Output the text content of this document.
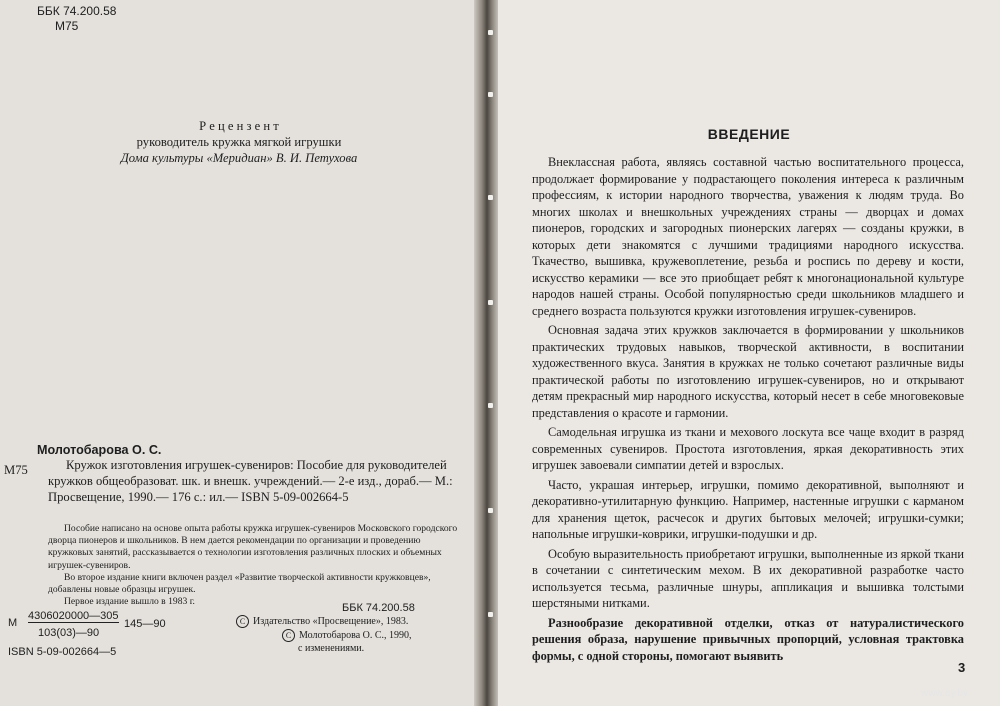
ББК 74.200.58
М75
Р е ц е н з е н т
руководитель кружка мягкой игрушки
Дома культуры «Меридиан» В. И. Петухова
Молотобарова О. С.
М75	Кружок изготовления игрушек-сувениров: Пособие для руководителей кружков общеобразоват. шк. и внешк. учреждений.— 2-е изд., дораб.— М.: Просвещение, 1990.— 176 с.: ил.— ISBN 5-09-002664-5

Пособие написано на основе опыта работы кружка игрушек-сувениров Московского городского дворца пионеров и школьников. В нем дается рекомендации по организации и проведению кружковых занятий, рассказывается о технологии изготовления различных плоских и объемных игрушек-сувениров.

Во второе издание книги включен раздел «Развитие творческой активности кружковцев», добавлены новые образцы игрушек.

Первое издание вышло в 1983 г.

М
4306020000—305
103(03)—90
145—90
ISBN 5-09-002664—5
ББК 74.200.58
C Издательство «Просвещение», 1983.
C Молотобарова О. С., 1990,
с изменениями.
ВВЕДЕНИЕ

Внеклассная работа, являясь составной частью воспитательного процесса, продолжает формирование у подрастающего поколения интереса к различным профессиям, к истории народного творчества, уважения к людям труда. Во многих школах и внешкольных учреждениях страны — дворцах и домах пионеров, городских и загородных пионерских лагерях — созданы кружки, в которых дети знакомятся с лучшими традициями народного искусства. Ткачество, вышивка, кружевоплетение, резьба и роспись по дереву и кости, искусство керамики — все это приобщает ребят к многонациональной культуре народов нашей страны. Особой популярностью среди школьников младшего и среднего возраста пользуются кружки изготовления игрушек-сувениров.

Основная задача этих кружков заключается в формировании у школьников практических трудовых навыков, творческой активности, в воспитании художественного вкуса. Занятия в кружках не только сочетают различные виды практической работы по изготовлению игрушек-сувениров, но и открывают детям прекрасный мир народного искусства, который несет в себе многовековые представления о красоте и гармонии.

Самодельная игрушка из ткани и мехового лоскута все чаще входит в разряд современных сувениров. Простота изготовления, яркая декоративность этих игрушек завоевали симпатии детей и взрослых.

Часто, украшая интерьер, игрушки, помимо декоративной, выполняют и декоративно-утилитарную функцию. Например, настенные игрушки с карманом для хранения щеток, расчесок и других бытовых мелочей; игрушки-сумки; напольные игрушки-коврики, игрушки-подушки и др.

Особую выразительность приобретают игрушки, выполненные из яркой ткани в сочетании с синтетическим мехом. В их декоративной разработке часто используется тесьма, различные шнуры, аппликация и вышивка толстыми шерстяными нитками.

Разнообразие декоративной отделки, отказ от натуралистического решения образа, нарушение привычных пропорций, условная трактовка формы, с одной стороны, помогают выявить

3
www.ay.by
